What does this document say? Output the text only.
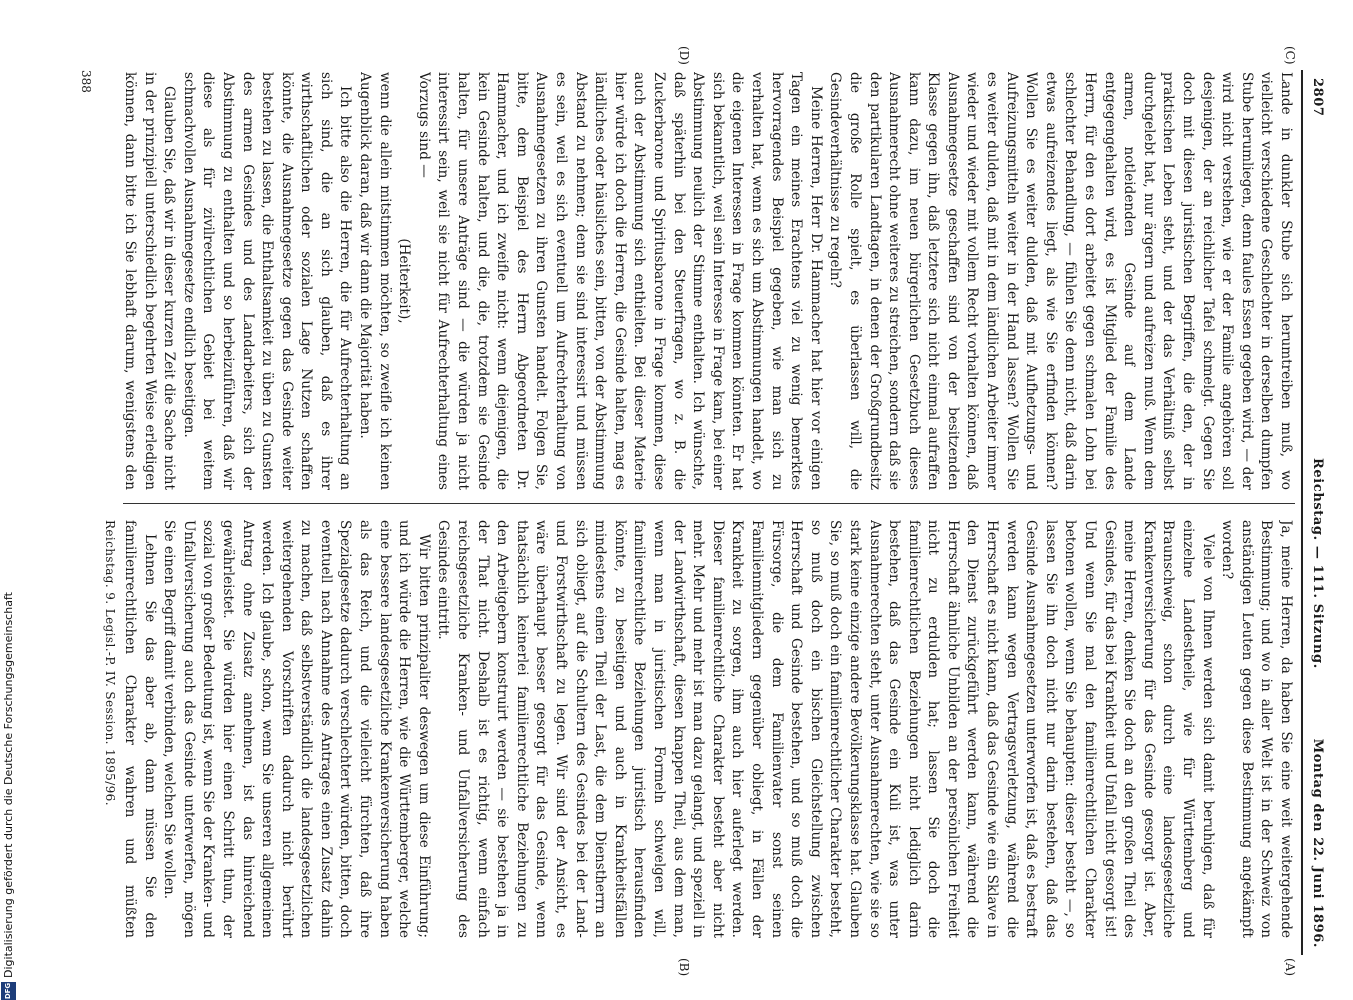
2807
Reichstag. — 111. Sitzung.
Montag den 22. Juni 1896.
(C)
(D)
(A)
(B)

Lande in dunkler Stube sich herumtreiben muß, wo vielleicht verschiedene Geschlechter in derselben dumpfen Stube herumliegen, denn faules Essen gegeben wird, — der wird nicht verstehen, wie er der Familie angehören soll desjenigen, der an reichlicher Tafel schmelgt. Gegen Sie doch mit diesen juristischen Begriffen, die den, der in praktischen Leben steht, und der das Verhältniß selbst durchgelebt hat, nur ärgern und aufreizen muß. Wenn dem armen, notleidenden Gesinde auf dem Lande entgegengehalten wird, es ist Mitglied der Familie des Herrn, für den es dort arbeitet gegen schmalen Lohn bei schlechter Behandlung, — fühlen Sie denn nicht, daß darin etwas aufreizendes liegt, als wie Sie erfinden können? Wollen Sie es weiter dulden, daß mit Aufhetzungs- und Aufreizungsmitteln weiter in der Hand lassen? Wollen Sie es weiter dulden, daß mit in dem ländlichen Arbeiter immer wieder und wieder mit vollem Recht vorhalten können, daß Ausnahmegesetze geschaffen sind von der besitzenden Klasse gegen ihn, daß letztere sich nicht einmal aufraffen kann dazu, im neuen bürgerlichen Gesetzbuch dieses Ausnahmerecht ohne weiteres zu streichen, sondern daß sie den partikularen Landtagen, in denen der Großgrundbesitz die große Rolle spielt, es überlassen will, die Gesindeverhältnisse zu regeln?

Meine Herren, Herr Dr. Hammacher hat hier vor einigen Tagen ein meines Erachtens viel zu wenig bemerktes hervorragendes Beispiel gegeben, wie man sich zu verhalten hat, wenn es sich um Abstimmungen handelt, wo die eigenen Interessen in Frage kommen könnten. Er hat sich bekanntlich, weil sein Interesse in Frage kam, bei einer Abstimmung neulich der Stimme enthalten. Ich wünschte, daß späterhin bei den Steuerfragen, wo z. B. die Zuckerbarone und Spiritusbarone in Frage kommen, diese auch der Abstimmung sich enthielten. Bei dieser Materie hier würde ich doch die Herren, die Gesinde halten, mag es ländliches oder häusliches sein, bitten, von der Abstimmung Abstand zu nehmen; denn sie sind interessirt und müssen es sein, weil es sich eventuell um Aufrechterhaltung von Ausnahmegesetzen zu ihren Gunsten handelt. Folgen Sie, bitte, dem Beispiel des Herrn Abgeordneten Dr. Hammacher, und ich zweifle nicht: wenn diejenigen, die kein Gesinde halten, und die, die, trotzdem sie Gesinde halten, für unsere Anträge sind — die würden ja nicht interessirt sein, weil sie nicht für Aufrechterhaltung eines Vorzugs sind —

(Heiterkeit),

wenn die allein mitstimmen möchten, so zweifle ich keinen Augenblick daran, daß wir dann die Majorität haben.

Ich bitte also die Herren, die für Aufrechterhaltung an sich sind, die an sich glauben, daß es ihrer wirthschaftlichen oder sozialen Lage Nutzen schaffen könnte, die Ausnahmegesetze gegen das Gesinde weiter bestehen zu lassen, die Enthaltsamkeit zu üben zu Gunsten des armen Gesindes und des Landarbeiters, sich der Abstimmung zu enthalten und so herbeizuführen, daß wir diese als für zivilrechtlichen Gebiet bei weitem schmachvollen Ausnahmegesetze endlich beseitigen.

Glauben Sie, daß wir in dieser kurzen Zeit die Sache nicht in der prinzipiell unterschiedlich begehrten Weise erledigen können, dann bitte ich Sie lebhaft darum, wenigstens den

Ja, meine Herren, da haben Sie eine weit weitergehende Bestimmung; und wo in aller Welt ist in der Schweiz von anständigen Leuten gegen diese Bestimmung angekämpft worden?

Viele von Ihnen werden sich damit beruhigen, daß für einzelne Landestheile, wie für Württemberg und Braunschweig, schon durch eine landesgesetzliche Krankenversicherung für das Gesinde gesorgt ist. Aber, meine Herren, denken Sie doch an den großen Theil des Gesindes, für das bei Krankheit und Unfall nicht gesorgt ist! Und wenn Sie mal den familienrechtlichen Charakter betonen wollen, wenn Sie behaupten: dieser besteht —, so lassen Sie ihn doch nicht nur darin bestehen, daß das Gesinde Ausnahmegesetzen unterworfen ist, daß es bestraft werden kann wegen Vertragsverletzung, während die Herrschaft es nicht kann, daß das Gesinde wie ein Sklave in den Dienst zurückgeführt werden kann, während die Herrschaft ähnliche Unbilden an der persönlichen Freiheit nicht zu erdulden hat; lassen Sie doch die familienrechtlichen Beziehungen nicht lediglich darin bestehen, daß das Gesinde ein Kuli ist, was unter Ausnahmerechten steht, unter Ausnahmerechten, wie sie so stark keine einzige andere Bevölkerungsklasse hat. Glauben Sie, so muß doch ein familienrechtlicher Charakter besteht, so muß doch ein bischen Gleichstellung zwischen Herrschaft und Gesinde bestehen, und so muß doch die Fürsorge, die dem Familienvater sonst seinen Familienmitgliedern gegenüber obliegt, in Fällen der Krankheit zu sorgen, ihm auch hier auferlegt werden. Dieser familienrechtliche Charakter besteht aber nicht mehr. Mehr und mehr ist man dazu gelangt, und speziell in der Landwirthschaft, diesen knappen Theil, aus dem man, wenn man in juristischen Formeln schwelgen will, familienrechtliche Beziehungen juristisch herausfinden könnte, zu beseitigen und auch in Krankheitsfällen mindestens einen Theil der Last, die dem Dienstherrn an sich obliegt, auf die Schultern des Gesindes bei der Land- und Forstwirthschaft zu legen. Wir sind der Ansicht, es wäre überhaupt besser gesorgt für das Gesinde, wenn thatsächlich keinerlei familienrechtliche Beziehungen zu den Arbeitgebern konstruirt werden — sie bestehen ja in der That nicht. Deshalb ist es richtig, wenn einfach reichsgesetzliche Kranken- und Unfallversicherung des Gesindes eintritt.

Wir bitten prinzipaliter deswegen um diese Einführung; und ich würde die Herren, wie die Württemberger, welche eine bessere landesgesetzliche Krankenversicherung haben als das Reich, und die vielleicht fürchten, daß ihre Spezialgesetze dadurch verschlechtert würden, bitten, doch eventuell nach Annahme des Antrages einen Zusatz dahin zu machen, daß selbstverständlich die landesgesetzlichen weitergehenden Vorschriften dadurch nicht berührt werden. Ich glaube, schon, wenn Sie unseren allgemeinen Antrag ohne Zusatz annehmen, ist das hinreichend gewährleistet. Sie würden hier einen Schritt thun, der sozial von großer Bedeutung ist, wenn Sie der Kranken- und Unfallversicherung auch das Gesinde unterwerfen, mögen Sie einen Begriff damit verbinden, welchen Sie wollen.

Lehnen Sie das aber ab, dann müssen Sie den familienrechtlichen Charakter wahren und müßten

Reichstag. 9. Legisl.-P. IV. Session. 1895/96.
388
DFG
Digitalisierung gefördert durch die Deutsche Forschungsgemeinschaft
